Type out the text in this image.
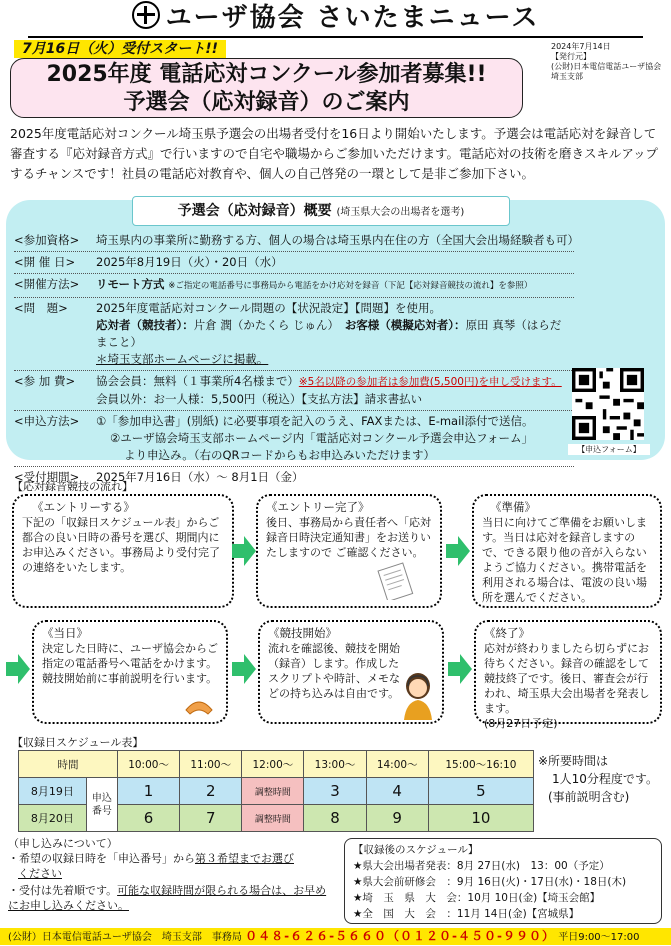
ユーザ協会 さいたまニュース
7月16日（火）受付スタート!!	2024年7月14日
【発行元】
(公財)日本電信電話ユーザ協会
埼玉支部
2025年度 電話応対コンクール参加者募集!!
予選会（応対録音）のご案内
2025年度電話応対コンクール埼玉県予選会の出場者受付を16日より開始いたします。予選会は電話応対を録音して審査する『応対録音方式』で行いますので自宅や職場からご参加いただけます。電話応対の技術を磨きスキルアップするチャンスです！社員の電話応対教育や、個人の自己啓発の一環として是非ご参加下さい。
予選会（応対録音）概要 (埼玉県大会の出場者を選考)
<参加資格>	埼玉県内の事業所に勤務する方、個人の場合は埼玉県内在住の方（全国大会出場経験者も可）
<開 催 日>	2025年8月19日（火）・20日（水）
<開催方法>	リモート方式 ※ご指定の電話番号に事務局から電話をかけ応対を録音（下記【応対録音競技の流れ】を参照）
<問　題>	2025年度電話応対コンクール問題の【状況設定】【問題】を使用。
応対者（競技者）：片倉 潤（かたくら じゅん）　 お客様（模擬応対者）：原田 真琴（はらだ まこと）
＊埼玉支部ホームページに掲載。
<参 加 費>	協会会員：無料（１事業所4名様まで）※5名以降の参加者は参加費(5,500円)を申し受けます。
会員以外：お一人様：5,500円（税込）【支払方法】請求書払い
<申込方法>	①「参加申込書」(別紙) に必要事項を記入のうえ、FAXまたは、E-mail添付で送信。
②ユーザ協会埼玉支部ホームページ内「電話応対コンクール予選会申込フォーム」
より申込み。（右のQRコードからもお申込みいただけます）
<受付期間>	2025年7月16日（水）～ 8月1日（金）
【申込フォーム】
【応対録音競技の流れ】
《エントリーする》
下記の「収録日スケジュール表」からご都合の良い日時の番号を選び、期間内にお申込みください。事務局より受付完了の連絡をいたします。
《エントリー完了》
後日、事務局から責任者へ「応対録音日時決定通知書」をお送りいたしますので ご確認ください。
《準備》
当日に向けてご準備をお願いします。当日は応対を録音しますので、できる限り他の音が入らないようご協力ください。携帯電話を利用される場合は、電波の良い場所を選んでください。
《当日》
決定した日時に、ユーザ協会からご指定の電話番号へ電話をかけます。競技開始前に事前説明を行います。
《競技開始》
流れを確認後、競技を開始（録音）します。作成したスクリプトや時計、メモなどの持ち込みは自由です。
《終了》
応対が終わりましたら切らずにお待ちください。録音の確認をして競技終了です。後日、審査会が行われ、埼玉県大会出場者を発表します。
(8月27日予定)
【収録日スケジュール表】
時間		10:00～	11:00～	12:00～	13:00～	14:00～	15:00～16:10
8月19日	申込番号	1	2	調整時間	3	4	5
8月20日		6	7	調整時間	8	9	10
※所要時間は
1人10分程度です。
(事前説明含む)
（申し込みについて）
・希望の収録日時を「申込番号」から第３希望までお選び
ください
・受付は先着順です。可能な収録時間が限られる場合は、お早めにお申し込みください。
【収録後のスケジュール】
★県大会出場者発表：8月 27日(水)　13：00（予定）
★県大会前研修会　：9月 16日(火)・17日(水)・18日(木)
★埼　玉　県　大　会：10月 10日(金)【埼玉会館】
★全　国　大　会　：11月 14日(金)【宮城県】
(公財）日本電信電話ユーザ協会　埼玉支部　事務局 ０４８-６２６-５６６０（０１２０-４５０-９９０） 平日9:00～17:00
